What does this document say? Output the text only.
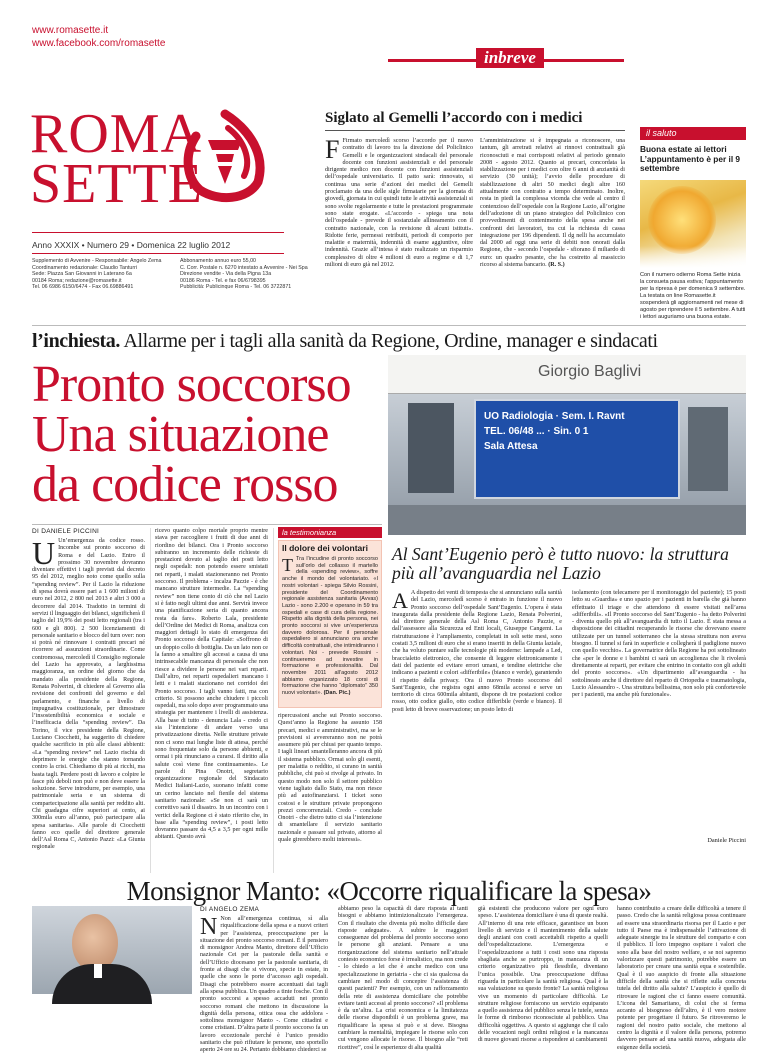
www.romasette.it
www.facebook.com/romasette
ROMA
SETTE
Anno XXXIX • Numero 29 • Domenica 22 luglio 2012
Supplemento di Avvenire - Responsabile: Angelo Zema
Coordinamento redazionale: Claudio Tanturri
Sede: Piazza San Giovanni in Laterano 6a
00184 Roma; redazione@romasette.it
Tel. 06 6986 6150/6474 - Fax 06.69886491
Abbonamento annuo euro 55,00
C. Corr. Postale n. 6270 intestato a Avvenire - Nei Spa
Direzione vendite - Via della Pigna 13a
00186 Roma - Tel. e fax 06/6798395
Pubblicità: Publicinque Roma - Tel. 06 3722871
inbreve
Siglato al Gemelli l’accordo con i medici
F Firmato mercoledì scorso l’accordo per il nuovo contratto di lavoro tra la direzione del Policlinico Gemelli e le organizzazioni sindacali del personale docente con funzioni assistenziali e del personale dirigente medico non docente con funzioni assistenziali dell’ospedale universitario. Il patto sarà: rinnovato, si continua una serie d’azioni dei medici del Gemelli proclamato da una delle sigle firmatarie per la giornata di giovedì, giornata in cui quindi tutte le attività assistenziali si sono svolte regolarmente e tutte le prestazioni programmate sono state erogate. «L’accordo - spiega una nota dell’ospedale - prevede il sostanziale allineamento con il contratto nazionale, con la revisione di alcuni istituti». Ridotte ferie, permessi retribuiti, periodi di comporto per malattie e maternità, indennità di esame aggiuntive, oltre indennità. Grazie all’intesa è stato realizzato un risparmio complessivo di oltre 4 milioni di euro a regime e di 1,7 milioni di euro già nel 2012.
L’amministrazione si è impegnata a riconoscere, una tantum, gli arretrati relativi ai rinnovi contrattuali già riconosciuti e mai corrisposti relativi al periodo gennaio 2008 - agosto 2012. Quanto ai precari, concordata la stabilizzazione per i medici con oltre 6 anni di anzianità di servizio (30 unità); l’avvio delle procedure di stabilizzazione di altri 50 medici degli altre 160 attualmente con contratto a tempo determinato. Inoltre, resta in piedi la complessa vicenda che vede al centro il contenzioso dell’ospedale con la Regione Lazio, all’origine dell’adozione di un piano strategico del Policlinico con provvedimenti di contenimento della spesa anche nei confronti dei lavoratori, tra cui la richiesta di cassa integrazione per 196 dipendenti. Il dg nelli ha accumulato dal 2000 ad oggi una serie di debiti non onorati dalla Regione, che - secondo l’ospedale - sfiorano il miliardo di euro: un quadro pesante, che ha costretto al massiccio ricorso al sistema bancario. (R. S.)
il saluto
Buona estate ai lettori L’appuntamento è per il 9 settembre
Con il numero odierno Roma Sette inizia la consueta pausa estiva; l’appuntamento per la ripresa è per domenica 9 settembre. La testata on line Romasette.it sospenderà gli aggiornamenti nel mese di agosto per riprendere il 5 settembre. A tutti i lettori auguriamo una buona estate.
l’inchiesta. Allarme per i tagli alla sanità da Regione, Ordine, manager e sindacati
Pronto soccorso
Una situazione
da codice rosso
Giorgio Baglivi
UO Radiologia · Sem. I. Ravnt
TEL. 06/48 ... · Sin. 0 1
Sala Attesa
DI DANIELE PICCINI
U Un’emergenza da codice rosso. Incombe sui pronto soccorso di Roma e del Lazio. Entro il prossimo 30 novembre dovranno diventare effettivi i tagli previsti dal decreto 95 del 2012, meglio noto come quello sulla “spending review”. Per il Lazio la riduzione di spesa dovrà essere pari a 1 600 milioni di euro nel 2012, 2 800 nel 2013 e altri 3 000 a decorrere dal 2014. Tradotto in termini di servizi il linguaggio dei bilanci, significherà il taglio del 19,9% dei posti letto regionali (tra i 600 e gli 800). 2 500 licenziamenti di personale sanitario e blocco del turn over: non si potrà né rinnovare i contratti precari né ricorrere ad assunzioni straordinarie. Come contromossa, mercoledì il Consiglio regionale del Lazio ha approvato, a larghissima maggioranza, un ordine del giorno che da mandato alla presidente della Regione, Renata Polverini, di chiedere al Governo alla revisione dei confronti del governo e del parlamento, e finanche a livello di impugnativa costituzionale, per dimostrare l’insostenibilità economica e sociale e l’inefficacia della “spending review”. Da Torino, il vice presidente della Regione, Luciano Ciocchetti, ha suggerito di chiedere qualche sacrificio in più alle classi abbienti: «La “spending review” nel Lazio rischia di deprimere le energie che stanno tornando contro la crisi. Chiediamo di più ai ricchi, ma basta tagli. Perdere posti di lavoro e colpire le fasce più deboli non può e non deve essere la soluzione. Serve introdurre, per esempio, una patrimoniale seria e un sistema di compartecipazione alla sanità per reddito alti. Chi guadagna cifre superiori ai cento, ai 300mila euro all’anno, può partecipare alla spesa sanitaria». Alle parole di Ciocchetti fanno eco quelle del direttore generale dell’Asl Roma C, Antonio Pazzi: «La Giunta regionale
ricevo quanto colpo mortale proprio mentre stava per raccogliere i frutti di due anni di riordino dei bilanci. Ora i Pronto soccorso subiranno un incremento delle richieste di prestazioni dovuto al taglio dei posti letto negli ospedali: non potendo essere smistati nei reparti, i malati stazioneranno nei Pronto soccorso. Il problema - incalza Pazzie - è che mancano strutture intermedie. La “spending review” non tiene conto di ciò che nel Lazio si è fatto negli ultimi due anni. Servirà invece una pianificazione seria di quanto ancora resta da fare». Roberto Lala, presidente dell’Ordine dei Medici di Roma, analizza con maggiori dettagli lo stato di emergenza dei Pronto soccorso della Capitale: «Soffrono di un doppio collo di bottiglia. Da un lato non ce la fanno a smaltire gli accessi a causa di una intrinsecabile mancanza di personale che non riesce a dividere le persone nei vari reparti. Dall’altro, nei reparti ospedalieri mancano i letti e i malati stazionano nei corridoi dei Pronto soccorso. I tagli vanno fatti, ma con criterio. Si possono anche chiudere i piccoli ospedali, ma solo dopo aver programmato una strategia per mantenere i livelli di assistenza. Alla base di tutto - denuncia Lala - credo ci sia l’intenzione di andare verso una privatizzazione diretta. Nelle strutture private non ci sono mai lunghe liste di attesa, perché sono frequentate solo da persone abbienti, e ormai i più rinunciano a curarsi. Il diritto alla salute così viene fine continuamente». Le parole di Pina Onotri, segretario organizzazione regionale del Sindacato Medici Italiani-Lazio, suonano infatti come un cerino lanciato nel fienile del sistema sanitario nazionale: «Se non ci sarà un correttivo sarà il disastro. In un incontro con i vertici della Regione ci è stato riferito che, in base alla “spending review”, i posti letto dovranno passare da 4,5 a 3,5 per ogni mille abitanti. Questo avrà
la testimonianza
Il dolore dei volontari
T Tra l’incudine di pronto soccorso sull’orlo del collasso il martello della «spending review», soffre anche il mondo del volontariato. «I nostri volontari - spiega Silvio Rossini, presidente del Coordinamento regionale assistenza sanitaria (Avvas) Lazio - sono 2.200 e operano in 59 tra ospedali e case di cura della regione. Rispetto alla dignità della persona, nei pronto soccorsi si vive un’esperienza davvero dolorosa. Per il personale ospedaliero si annunciano ora anche difficoltà contrattuali, che intimidiranno i volontari. Noi - prevede Rossini - continueremo ad investire in formazione e professionalità. Dal novembre 2011 all’agosto 2012 abbiamo organizzato 18 corsi di formazione che hanno “diplomato” 350 nuovi volontari». (Dan. Pic.)
ripercussioni anche sui Pronto soccorso. Quest’anno la Regione ha assunto 158 precari, medici e amministrativi, ma se le previsioni si avvereranno non ne potrà assumere più per chiusi per quanto tempo. I tagli lineari smantelleranno ancora di più il sistema pubblico. Ormai solo gli esenti, per malattia o reddito, si curano in sanità pubbliche, chi può si rivolge al privato. In questo modo non solo il settore pubblico viene tagliato dallo Stato, ma non riesce più ad autofinanziarsi. I ticket sono costosi e le strutture private propongono prezzi concorrenziali. Credo - conclude Onotri - che dietro tutto ci sia l’intenzione di smantellare il servizio sanitario nazionale e passare sul privato, attorno al quale girerebbero molti interessi».
Al Sant’Eugenio però è tutto nuovo: la struttura più all’avanguardia nel Lazio
A A dispetto dei venti di tempesta che si annunciano sulla sanità del Lazio, mercoledì scorso è entrato in funzione il nuovo Pronto soccorso dell’ospedale Sant’Eugenio. L’opera è stata inaugurata dalla presidente della Regione Lazio, Renata Polverini, dal direttore generale della Asl Roma C, Antonio Pazzie, e dall’assessore alla Sicurezza ed Enti locali, Giuseppe Cangemi. La ristrutturazione è l’ampliamento, completati in soli sette mesi, sono costati 3,5 milioni di euro che si erano inseriti in della Giunta laziale, che ha voluto puntare sulle tecnologie più moderne: lampade a Led, braccialetto elettronico, che consente di leggere elettronicamente i dati del paziente ed evitare errori umani, e tendine elettriche che indicano a pazienti e colori «differibile» (bianco e verde), garantendo il rispetto della privacy. Ora il nuovo Pronto soccorso del Sant’Eugenio, che registra ogni anno 68mila accessi e serve un territorio di circa 600mila abitanti, dispone di tre postazioni codice rosso, otto codice giallo, otto codice differibile (verde e bianco). Il posti letto di breve osservazione; un posto letto di
isolamento (con telecamere per il monitoraggio del paziente); 15 posti letto su «Guardia» e uno spazio per i pazienti in barella che già hanno effettuato il triage e che attendono di essere visitati nell’area «differibili». «Il Pronto soccorso del Sant’Eugenio - ha detto Polverini - diventa quello più all’avanguardia di tutto il Lazio. È stata messa a disposizione dei cittadini recuperando le risorse che dovevano essere utilizzate per un tunnel sotterraneo che la stessa struttura non aveva bisogno. Il tunnel si farà in superficie e collegherà il padiglione nuovo con quello vecchio». La governatrice della Regione ha poi sottolineato che «per le donne e i bambini ci sarà un accoglienza che li rivolerà direttamente ai reparti, per evitare che entrino in contatto con gli adulti del pronto soccorso». «Un dipartimento all’avanguardia - ha sottolineato anche il direttore del reparto di Ortopedia e traumatologia, Lucio Alessandro -. Una struttura bellissima, non solo più confortevole per i pazienti, ma anche più funzionale».
Daniele Piccini
Monsignor Manto: «Occorre riqualificare la spesa»
DI ANGELO ZEMA
N Non all’emergenza continua, sì alla riqualificazione della spesa e a nuovi criteri per l’assistenza, preoccupazione per la situazione dei pronto soccorso romani. È il pensiero di monsignor Andrea Manto, direttore dell’Ufficio nazionale Cei per la pastorale della sanità e dell’Ufficio diocesano per la pastorale sanitaria, di fronte ai disagi che si vivono, specie in estate, in quelle che sono le porte d’accesso agli ospedali. Disagi che potrebbero essere accentuati dai tagli alla spesa pubblica. Un quadro a tinte fosche. Con il pronto soccorsi a spesso accaduti nei pronto soccorso romani che mettono in discussione la dignità della persona, ottica ossa che addolora - sottolinea monsignor Manto -. Come cittadini e come cristiani. D’altra parte il pronto soccorso fa un lavoro eccezionale perché è l’unico presidio sanitario che può rifiutare le persone, uno sportello aperto 24 ore su 24. Pertanto dobbiamo chiederci se
abbiamo peso la capacità di dare risposta ai tanti bisogni e abbiamo intimizionalizzato l’emergenza. Con il risultato che diventa più molto difficile dare risposte adeguate». A subire le maggiori conseguenze del problema del pronto soccorso sono le persone gli anziani. Pensare a una riorganizzazione del sistema sanitario nell’attuale contesto economico forse è irrealistico, ma non crede - lo chiedo a lei che è anche medico con una specializzazione in geriatria - che ci sia qualcosa da cambiare nel modo di concepire l’assistenza di questi pazienti? Per esempio, con un rafforzamento della rete di assistenza domiciliare che potrebbe evitare tanti accessi al pronto soccorso? «Il problema è da un’altra. La crisi economica e la limitatezza delle risorse disponibili è un problema grave, ma riqualificare la spesa si può e si deve. Bisogna cambiare la mentalità, impiegare le risorse solo con cui vengono allocate le risorse. Il bisogno alle “reti ricettive”, così le esperienze di alta qualità
già esistenti che producono valore per ogni euro speso. L’assistenza domiciliare è una di queste realtà. All’interno di una rete efficace, garantisce un buon livello di servizio e il mantenimento della salute degli anziani con costi accettabili rispetto a quelli dell’ospedalizzazione. L’emergenza e l’ospedalizzazione a tutti i costi sono una risposta sbagliata anche se purtroppo, in mancanza di un criterio organizzativo più flessibile, diventano l’unica possibile. Una preoccupazione diffusa riguarda in particolare la sanità religiosa. Qual è la sua valutazione su questo fronte? La sanità religiosa vive un momento di particolare difficoltà. Le strutture religiose forniscono un servizio equiparato a quello assistenza del pubblico senza le tutele, senza le forme di rimborso riconosciute al pubblico. Una difficoltà oggettiva. A questo si aggiunge che il calo delle vocazioni negli ordini religiosi e la mancanza di nuove giovani risorse a rispondere ai cambiamenti
hanno contribuito a creare delle difficoltà a tenere il passo. Credo che la sanità religiosa possa continuare ad essere una straordinaria risorsa per il Lazio e per tutto il Paese ma è indispensabile l’attivazione di adeguate sinergie tra le strutture del comparto e con il pubblico. Il loro impegno ospitare i valori che sono alla base del nostro welfare, e se noi sapremo valorizzare questi patrimonio, potrebbe essere un laboratorio per creare una sanità equa e sostenibile. Qual è il suo auspicio di fronte alla situazione difficile della sanità che si riflette sulla concreta tutela del diritto alla salute? L’auspicio è quello di ritrovare le ragioni che ci fanno essere comunità. L’icona del Samaritano, di colui che si ferma accanto al bisognoso dell’altro, è il vero motore potente per progettare il futuro. Se ritroveremo le ragioni del nostro patto sociale, che mettono al centro la dignità e il valore della persona, potremo davvero pensare ad una sanità nuova, adeguata alle esigenze della società.
